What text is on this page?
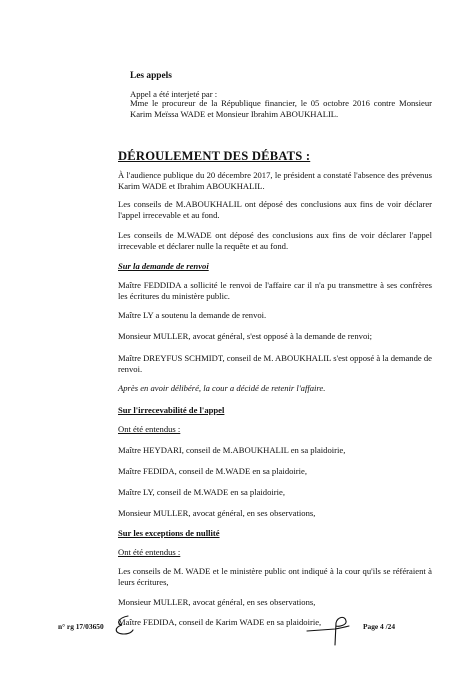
Les appels
Appel a été interjeté par :
Mme le procureur de la République financier, le 05 octobre 2016 contre Monsieur Karim Meïssa WADE et Monsieur Ibrahim ABOUKHALIL.
DÉROULEMENT DES DÉBATS :
À l'audience publique du 20 décembre 2017, le président a constaté l'absence des prévenus Karim WADE et Ibrahim ABOUKHALIL.
Les conseils de M.ABOUKHALIL ont déposé des conclusions aux fins de voir déclarer l'appel irrecevable et au fond.
Les conseils de M.WADE ont déposé des conclusions aux fins de voir déclarer l'appel irrecevable et déclarer nulle la requête et au fond.
Sur la demande de renvoi
Maître FEDDIDA a sollicité le renvoi de l'affaire car il n'a pu transmettre à ses confrères les écritures du ministère public.
Maître LY a soutenu la demande de renvoi.
Monsieur MULLER, avocat général, s'est opposé à la demande de renvoi;
Maître DREYFUS SCHMIDT, conseil de M. ABOUKHALIL s'est opposé à la demande de renvoi.
Après en avoir délibéré, la cour a décidé de retenir l'affaire.
Sur l'irrecevabilité de l'appel
Ont été entendus :
Maître HEYDARI, conseil de M.ABOUKHALIL en sa plaidoirie,
Maître FEDIDA, conseil de M.WADE en sa plaidoirie,
Maître LY, conseil de M.WADE en sa plaidoirie,
Monsieur MULLER, avocat général, en ses observations,
Sur les exceptions de nullité
Ont été entendus :
Les conseils de M. WADE et le ministère public ont indiqué à la cour qu'ils se référaient à leurs écritures,
Monsieur MULLER, avocat général, en ses observations,
Maître FEDIDA, conseil de Karim WADE en sa plaidoirie,
n° rg 17/03650	Page 4 /24
